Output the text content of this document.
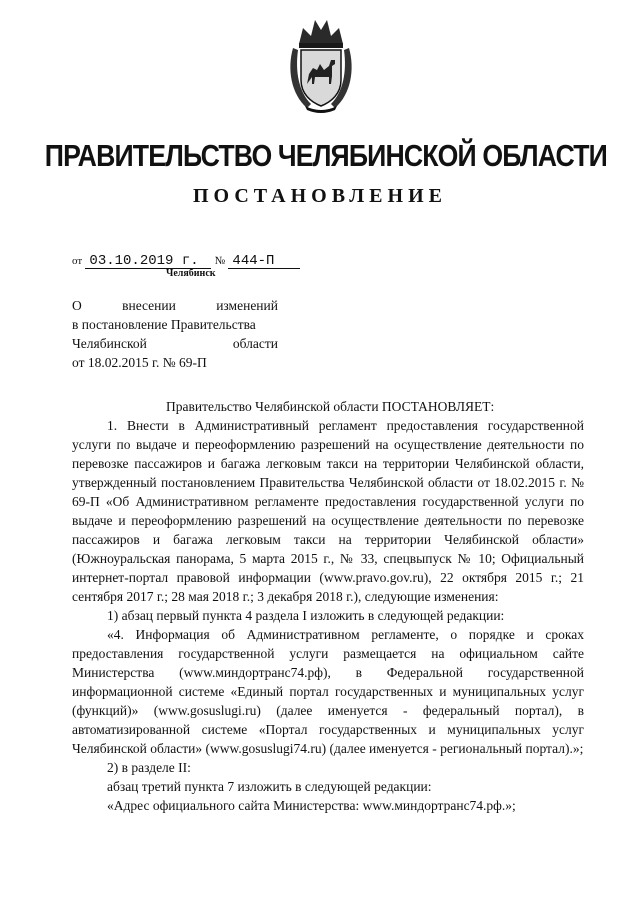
ПРАВИТЕЛЬСТВО ЧЕЛЯБИНСКОЙ ОБЛАСТИ
ПОСТАНОВЛЕНИЕ
от 03.10.2019 г. № 444-П
Челябинск
О	внесении	изменений
в постановление Правительства
Челябинской	области
от 18.02.2015 г. № 69-П

Правительство Челябинской области ПОСТАНОВЛЯЕТ:

1. Внести в Административный регламент предоставления государственной услуги по выдаче и переоформлению разрешений на осуществление деятельности по перевозке пассажиров и багажа легковым такси на территории Челябинской области, утвержденный постановлением Правительства Челябинской области от 18.02.2015 г. № 69-П «Об Административном регламенте предоставления государственной услуги по выдаче и переоформлению разрешений на осуществление деятельности по перевозке пассажиров и багажа легковым такси на территории Челябинской области» (Южноуральская панорама, 5 марта 2015 г., № 33, спецвыпуск № 10; Официальный интернет-портал правовой информации (www.pravo.gov.ru), 22 октября 2015 г.; 21 сентября 2017 г.; 28 мая 2018 г.; 3 декабря 2018 г.), следующие изменения:

1) абзац первый пункта 4 раздела I изложить в следующей редакции:

«4. Информация об Административном регламенте, о порядке и сроках предоставления государственной услуги размещается на официальном сайте Министерства (www.миндортранс74.рф), в Федеральной государственной информационной системе «Единый портал государственных и муниципальных услуг (функций)» (www.gosuslugi.ru) (далее именуется - федеральный портал), в автоматизированной системе «Портал государственных и муниципальных услуг Челябинской области» (www.gosuslugi74.ru) (далее именуется - региональный портал).»;

2) в разделе II:

абзац третий пункта 7 изложить в следующей редакции:

«Адрес официального сайта Министерства: www.миндортранс74.рф.»;
